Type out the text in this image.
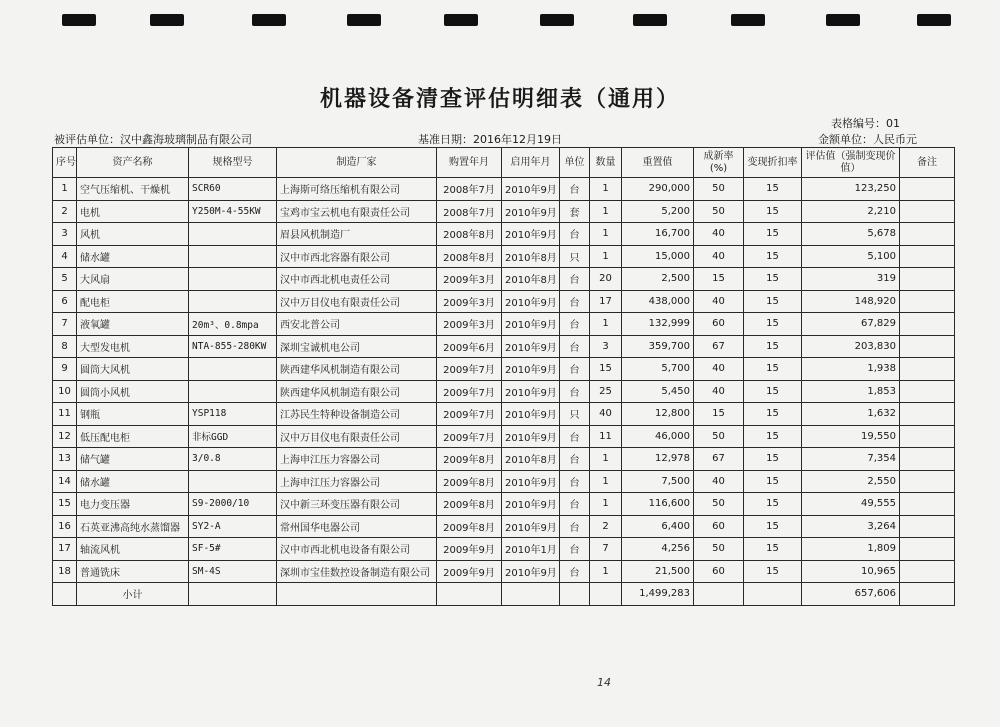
机器设备清查评估明细表（通用）
表格编号：01
被评估单位：汉中鑫海玻璃制品有限公司	基准日期：2016年12月19日	金额单位：人民币元
序号	资产名称	规格型号	制造厂家	购置年月	启用年月	单位	数量	重置值	成新率(%)	变现折扣率	评估值（强制变现价值）	备注
1	空气压缩机、干燥机	SCR60	上海斯可络压缩机有限公司	2008年7月	2010年9月	台	1	290,000	50	15	123,250	
2	电机	Y250M-4-55KW	宝鸡市宝云机电有限责任公司	2008年7月	2010年9月	套	1	5,200	50	15	2,210	
3	风机		眉县风机制造厂	2008年8月	2010年9月	台	1	16,700	40	15	5,678	
4	储水罐		汉中市西北容器有限公司	2008年8月	2010年8月	只	1	15,000	40	15	5,100	
5	大风扇		汉中市西北机电责任公司	2009年3月	2010年8月	台	20	2,500	15	15	319	
6	配电柜		汉中万目仪电有限责任公司	2009年3月	2010年9月	台	17	438,000	40	15	148,920	
7	液氧罐	20m³、0.8mpa	西安北普公司	2009年3月	2010年9月	台	1	132,999	60	15	67,829	
8	大型发电机	NTA-855-280KW	深圳宝诚机电公司	2009年6月	2010年9月	台	3	359,700	67	15	203,830	
9	圆筒大风机		陕西建华风机制造有限公司	2009年7月	2010年9月	台	15	5,700	40	15	1,938	
10	圆筒小风机		陕西建华风机制造有限公司	2009年7月	2010年9月	台	25	5,450	40	15	1,853	
11	钢瓶	YSP118	江苏民生特种设备制造公司	2009年7月	2010年9月	只	40	12,800	15	15	1,632	
12	低压配电柜	非标GGD	汉中万目仪电有限责任公司	2009年7月	2010年9月	台	11	46,000	50	15	19,550	
13	储气罐	3/0.8	上海申江压力容器公司	2009年8月	2010年8月	台	1	12,978	67	15	7,354	
14	储水罐		上海申江压力容器公司	2009年8月	2010年9月	台	1	7,500	40	15	2,550	
15	电力变压器	S9-2000/10	汉中新三环变压器有限公司	2009年8月	2010年9月	台	1	116,600	50	15	49,555	
16	石英亚沸高纯水蒸馏器	SY2-A	常州国华电器公司	2009年8月	2010年9月	台	2	6,400	60	15	3,264	
17	轴流风机	SF-5#	汉中市西北机电设备有限公司	2009年9月	2010年1月	台	7	4,256	50	15	1,809	
18	普通铣床	SM-4S	深圳市宝佳数控设备制造有限公司	2009年9月	2010年9月	台	1	21,500	60	15	10,965	
	小计							1,499,283			657,606	
14
